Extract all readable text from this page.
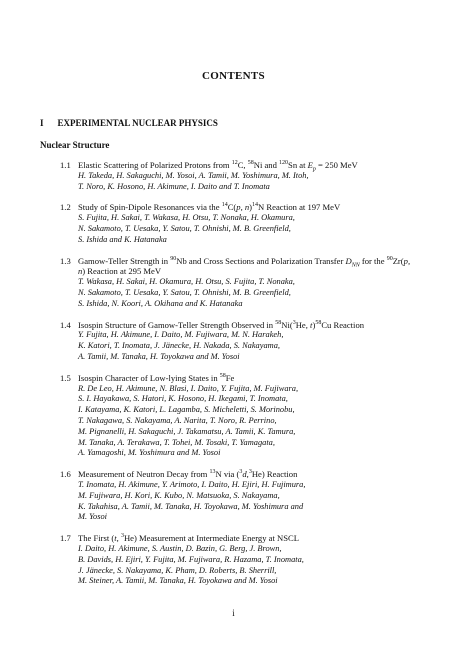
CONTENTS
I EXPERIMENTAL NUCLEAR PHYSICS
Nuclear Structure
1.1 Elastic Scattering of Polarized Protons from $^{12}$C, $^{58}$Ni and $^{120}$Sn at $E_p = 250$ MeV
H. Takeda, H. Sakaguchi, M. Yosoi, A. Tamii, M. Yoshimura, M. Itoh,
T. Noro, K. Hosono, H. Akimune, I. Daito and T. Inomata
1.2 Study of Spin-Dipole Resonances via the $^{14}$C(p, n)$^{14}$N Reaction at 197 MeV
S. Fujita, H. Sakai, T. Wakasa, H. Otsu, T. Nonaka, H. Okamura,
N. Sakamoto, T. Uesaka, Y. Satou, T. Ohnishi, M. B. Greenfield,
S. Ishida and K. Hatanaka
1.3 Gamow-Teller Strength in $^{90}$Nb and Cross Sections and Polarization Transfer $D_{NN}$ for the $^{90}$Zr(p, n) Reaction at 295 MeV
T. Wakasa, H. Sakai, H. Okamura, H. Otsu, S. Fujita, T. Nonaka,
N. Sakamoto, T. Uesaka, Y. Satou, T. Ohnishi, M. B. Greenfield,
S. Ishida, N. Koori, A. Okihana and K. Hatanaka
1.4 Isospin Structure of Gamow-Teller Strength Observed in $^{58}$Ni($^3$He, t)$^{58}$Cu Reaction
Y. Fujita, H. Akimune, I. Daito, M. Fujiwara, M. N. Harakeh,
K. Katori, T. Inomata, J. Jänecke, H. Nakada, S. Nakayama,
A. Tamii, M. Tanaka, H. Toyokawa and M. Yosoi
1.5 Isospin Character of Low-lying States in $^{58}$Fe
R. De Leo, H. Akimune, N. Blasi, I. Daito, Y. Fujita, M. Fujiwara,
S. I. Hayakawa, S. Hatori, K. Hosono, H. Ikegami, T. Inomata,
I. Katayama, K. Katori, L. Lagamba, S. Micheletti, S. Morinobu,
T. Nakagawa, S. Nakayama, A. Narita, T. Noro, R. Perrino,
M. Pignanelli, H. Sakaguchi, J. Takamatsu, A. Tamii, K. Tamura,
M. Tanaka, A. Terakawa, T. Tohei, M. Tosaki, T. Yamagata,
A. Yamagoshi, M. Yoshimura and M. Yosoi
1.6 Measurement of Neutron Decay from $^{13}$N via ($^3$d,$^3$He) Reaction
T. Inomata, H. Akimune, Y. Arimoto, I. Daito, H. Ejiri, H. Fujimura,
M. Fujiwara, H. Kori, K. Kubo, N. Matsuoka, S. Nakayama,
K. Takahisa, A. Tamii, M. Tanaka, H. Toyokawa, M. Yoshimura and
M. Yosoi
1.7 The First (t, $^3$He) Measurement at Intermediate Energy at NSCL
I. Daito, H. Akimune, S. Austin, D. Bazin, G. Berg, J. Brown,
B. Davids, H. Ejiri, Y. Fujita, M. Fujiwara, R. Hazama, T. Inomata,
J. Jänecke, S. Nakayama, K. Pham, D. Roberts, B. Sherrill,
M. Steiner, A. Tamii, M. Tanaka, H. Toyokawa and M. Yosoi
i
